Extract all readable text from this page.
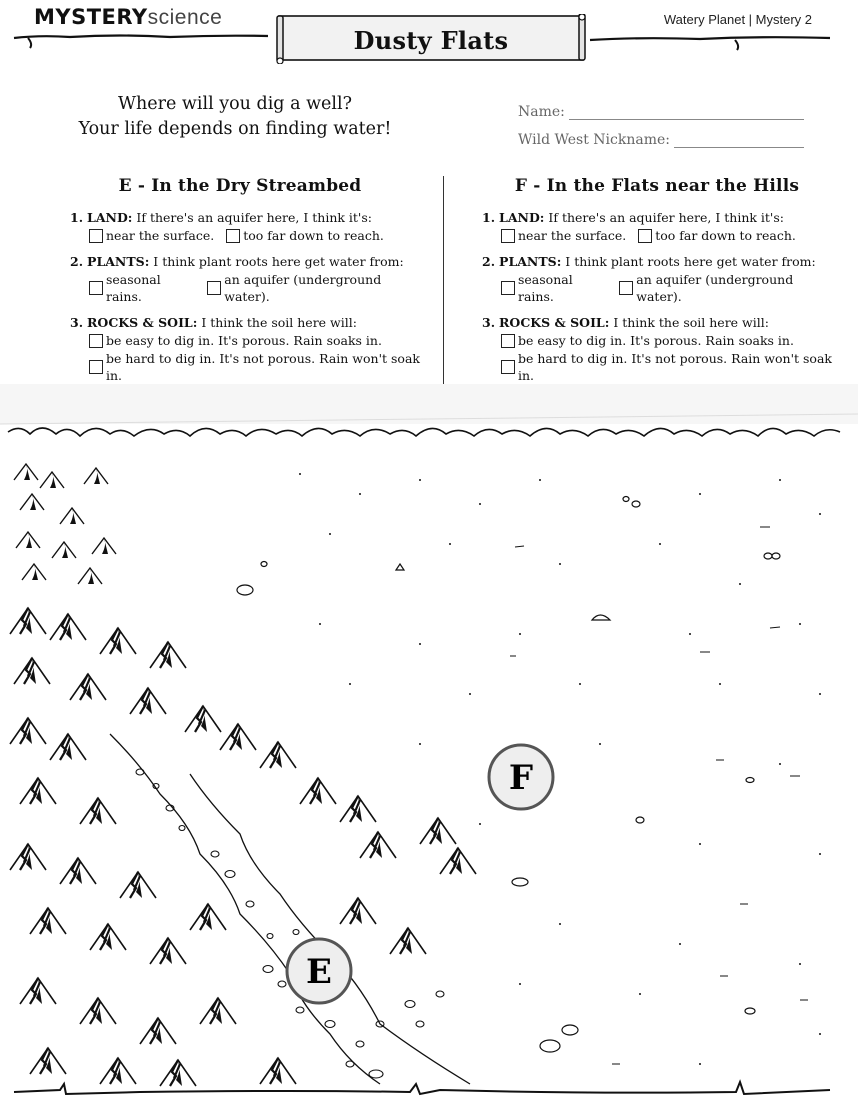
MYSTERYscience	Watery Planet | Mystery 2
Dusty Flats
Where will you dig a well?
Your life depends on finding water!
Name:
Wild West Nickname:
E - In the Dry Streambed
1. LAND: If there's an aquifer here, I think it's:
near the surface. too far down to reach.
2. PLANTS: I think plant roots here get water from:
seasonal rains.
an aquifer (underground water).
3. ROCKS & SOIL: I think the soil here will:
be easy to dig in. It's porous. Rain soaks in.
be hard to dig in. It's not porous. Rain won't soak in.
F - In the Flats near the Hills
1. LAND: If there's an aquifer here, I think it's:
near the surface. too far down to reach.
2. PLANTS: I think plant roots here get water from:
seasonal rains.
an aquifer (underground water).
3. ROCKS & SOIL: I think the soil here will:
be easy to dig in. It's porous. Rain soaks in.
be hard to dig in. It's not porous. Rain won't soak in.
F
E
